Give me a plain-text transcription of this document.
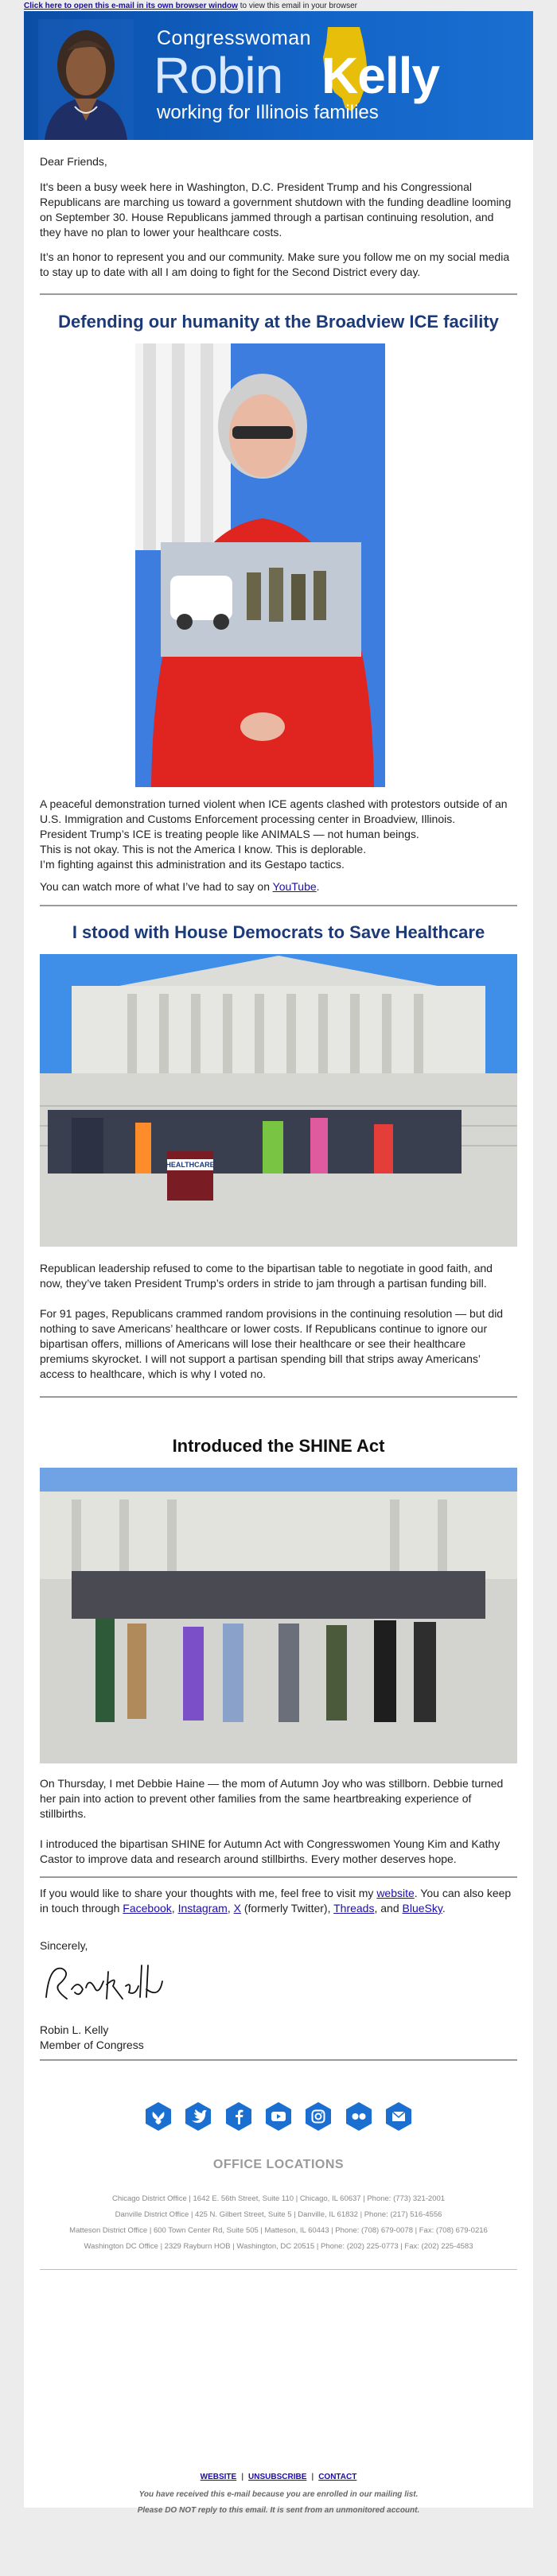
Click here to open this e-mail in its own browser window to view this email in your browser
Congresswoman
Robin Kelly
working for Illinois families

Dear Friends,

It's been a busy week here in Washington, D.C. President Trump and his Congressional Republicans are marching us toward a government shutdown with the funding deadline looming on September 30. House Republicans jammed through a partisan continuing resolution, and they have no plan to lower your healthcare costs.

It’s an honor to represent you and our community. Make sure you follow me on my social media to stay up to date with all I am doing to fight for the Second District every day.

Defending our humanity at the Broadview ICE facility

A peaceful demonstration turned violent when ICE agents clashed with protestors outside of an U.S. Immigration and Customs Enforcement processing center in Broadview, Illinois.

President Trump’s ICE is treating people like ANIMALS — not human beings.

This is not okay. This is not the America I know. This is deplorable.

I’m fighting against this administration and its Gestapo tactics.

You can watch more of what I’ve had to say on YouTube.

I stood with House Democrats to Save Healthcare
HEALTHCARE

Republican leadership refused to come to the bipartisan table to negotiate in good faith, and now, they’ve taken President Trump’s orders in stride to jam through a partisan funding bill.

For 91 pages, Republicans crammed random provisions in the continuing resolution — but did nothing to save Americans’ healthcare or lower costs. If Republicans continue to ignore our bipartisan offers, millions of Americans will lose their healthcare or see their healthcare premiums skyrocket. I will not support a partisan spending bill that strips away Americans’ access to healthcare, which is why I voted no.

Introduced the SHINE Act

On Thursday, I met Debbie Haine — the mom of Autumn Joy who was stillborn. Debbie turned her pain into action to prevent other families from the same heartbreaking experience of stillbirths.

I introduced the bipartisan SHINE for Autumn Act with Congresswomen Young Kim and Kathy Castor to improve data and research around stillbirths. Every mother deserves hope.

If you would like to share your thoughts with me, feel free to visit my website. You can also keep in touch through Facebook, Instagram, X (formerly Twitter), Threads, and BlueSky.

Sincerely,

Robin L. Kelly

Member of Congress

OFFICE LOCATIONS
Chicago District Office | 1642 E. 56th Street, Suite 110 | Chicago, IL 60637 | Phone: (773) 321-2001
Danville District Office | 425 N. Gilbert Street, Suite 5 | Danville, IL 61832 | Phone: (217) 516-4556
Matteson District Office | 600 Town Center Rd, Suite 505 | Matteson, IL 60443 | Phone: (708) 679-0078 | Fax: (708) 679-0216
Washington DC Office | 2329 Rayburn HOB | Washington, DC 20515 | Phone: (202) 225-0773 | Fax: (202) 225-4583
WEBSITE | UNSUBSCRIBE | CONTACT
You have received this e-mail because you are enrolled in our mailing list.
Please DO NOT reply to this email. It is sent from an unmonitored account.
